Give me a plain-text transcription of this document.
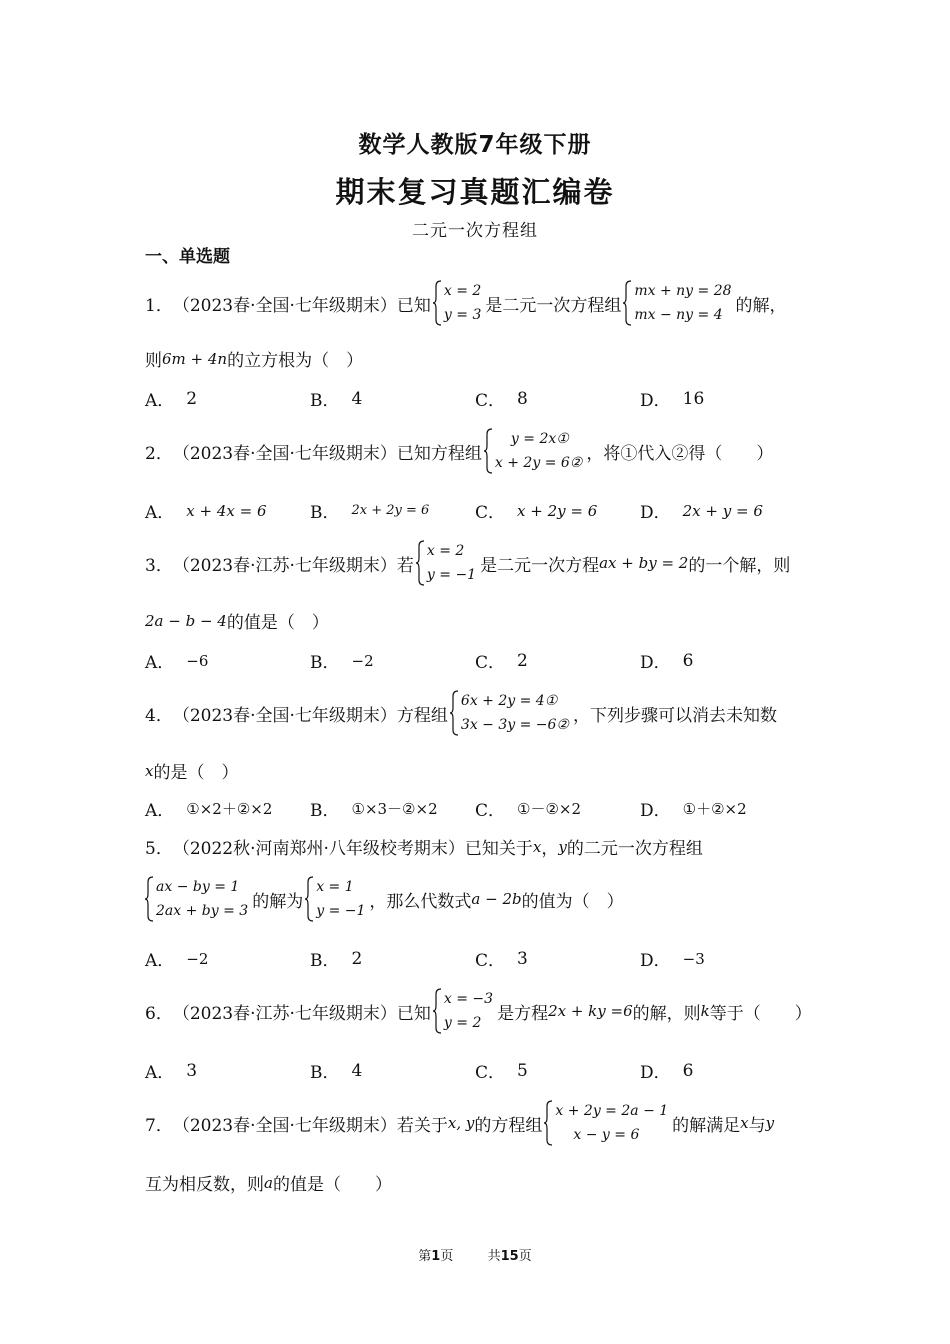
数学人教版7年级下册
期末复习真题汇编卷
二元一次方程组
一、单选题
1． （2023春·全国·七年级期末） 已知
x = 2
y = 3 是二元一次方程组
mx + ny = 28
mx − ny = 4 的解，
则 6m + 4n 的立方根为（　）
A． 2	B． 4	C． 8	D． 16
2． （2023春·全国·七年级期末） 已知方程组
y = 2x①
x + 2y = 6② ，将①代入②得（　　）
A． x + 4x = 6	B． 2x + 2y = 6	C． x + 2y = 6	D． 2x + y = 6
3． （2023春·江苏·七年级期末） 若
x = 2
y = −1 是二元一次方程 ax + by = 2 的一个解，则
2a − b − 4 的值是（　）
A． −6	B． −2	C． 2	D． 6
4． （2023春·全国·七年级期末） 方程组
6x + 2y = 4①
3x − 3y = −6② ，下列步骤可以消去未知数
x 的是（　）
A． ①×2＋②×2 B． ①×3－②×2 C． ①－②×2	D． ①＋②×2
5． （2022秋·河南郑州·八年级校考期末） 已知关于 x ， y 的二元一次方程组
ax − by = 1
2ax + by = 3 的解为
x = 1
y = −1 ，那么代数式 a − 2b 的值为（　）
A． −2	B． 2	C． 3	D． −3
6． （2023春·江苏·七年级期末） 已知
x = −3
y = 2 是方程 2x + ky =6 的解，则 k 等于（　　）
A． 3	B． 4	C． 5	D． 6
7． （2023春·全国·七年级期末） 若关于 x, y 的方程组
x + 2y = 2a − 1
x − y = 6	的解满足 x 与 y
互为相反数，则 a 的值是（　　）
第1页	共15页
